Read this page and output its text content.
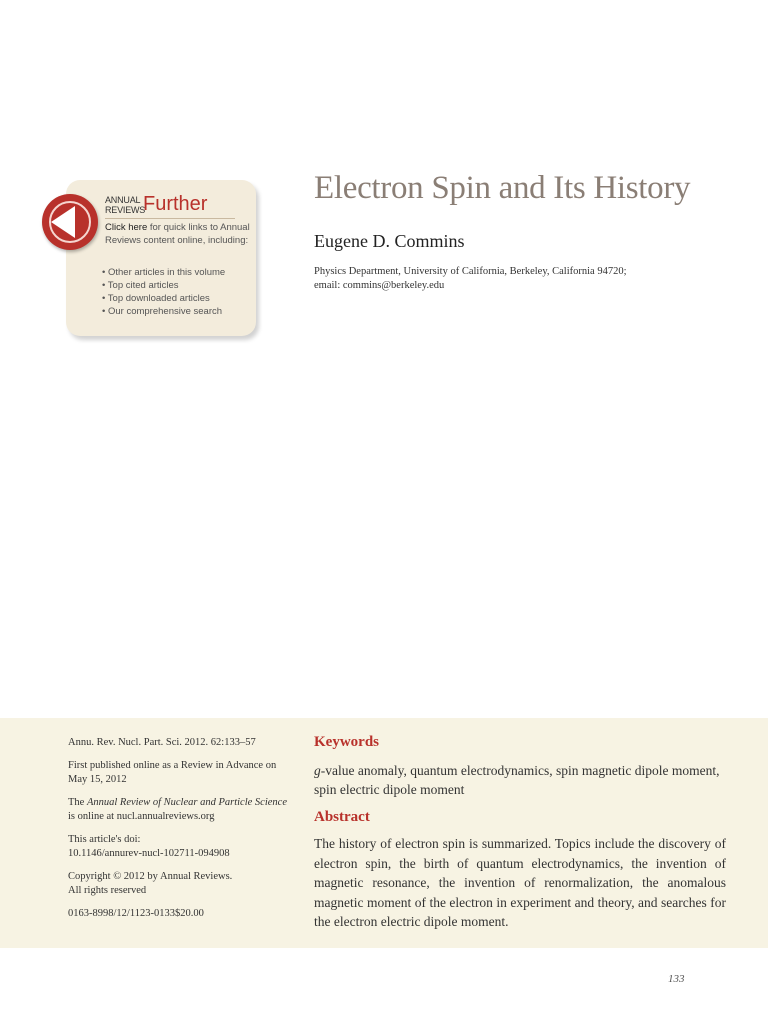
ANNUAL
REVIEWS
Further
Click here for quick links to Annual Reviews content online, including:
• Other articles in this volume
• Top cited articles
• Top downloaded articles
• Our comprehensive search
Electron Spin and Its History
Eugene D. Commins
Physics Department, University of California, Berkeley, California 94720;
email: commins@berkeley.edu

Annu. Rev. Nucl. Part. Sci. 2012. 62:133–57

First published online as a Review in Advance on May 15, 2012

The Annual Review of Nuclear and Particle Science
is online at nucl.annualreviews.org

This article's doi:
10.1146/annurev-nucl-102711-094908

Copyright © 2012 by Annual Reviews.
All rights reserved

0163-8998/12/1123-0133$20.00

Keywords

g-value anomaly, quantum electrodynamics, spin magnetic dipole moment, spin electric dipole moment

Abstract

The history of electron spin is summarized. Topics include the discovery of electron spin, the birth of quantum electrodynamics, the invention of magnetic resonance, the invention of renormalization, the anomalous magnetic moment of the electron in experiment and theory, and searches for the electron electric dipole moment.

133
